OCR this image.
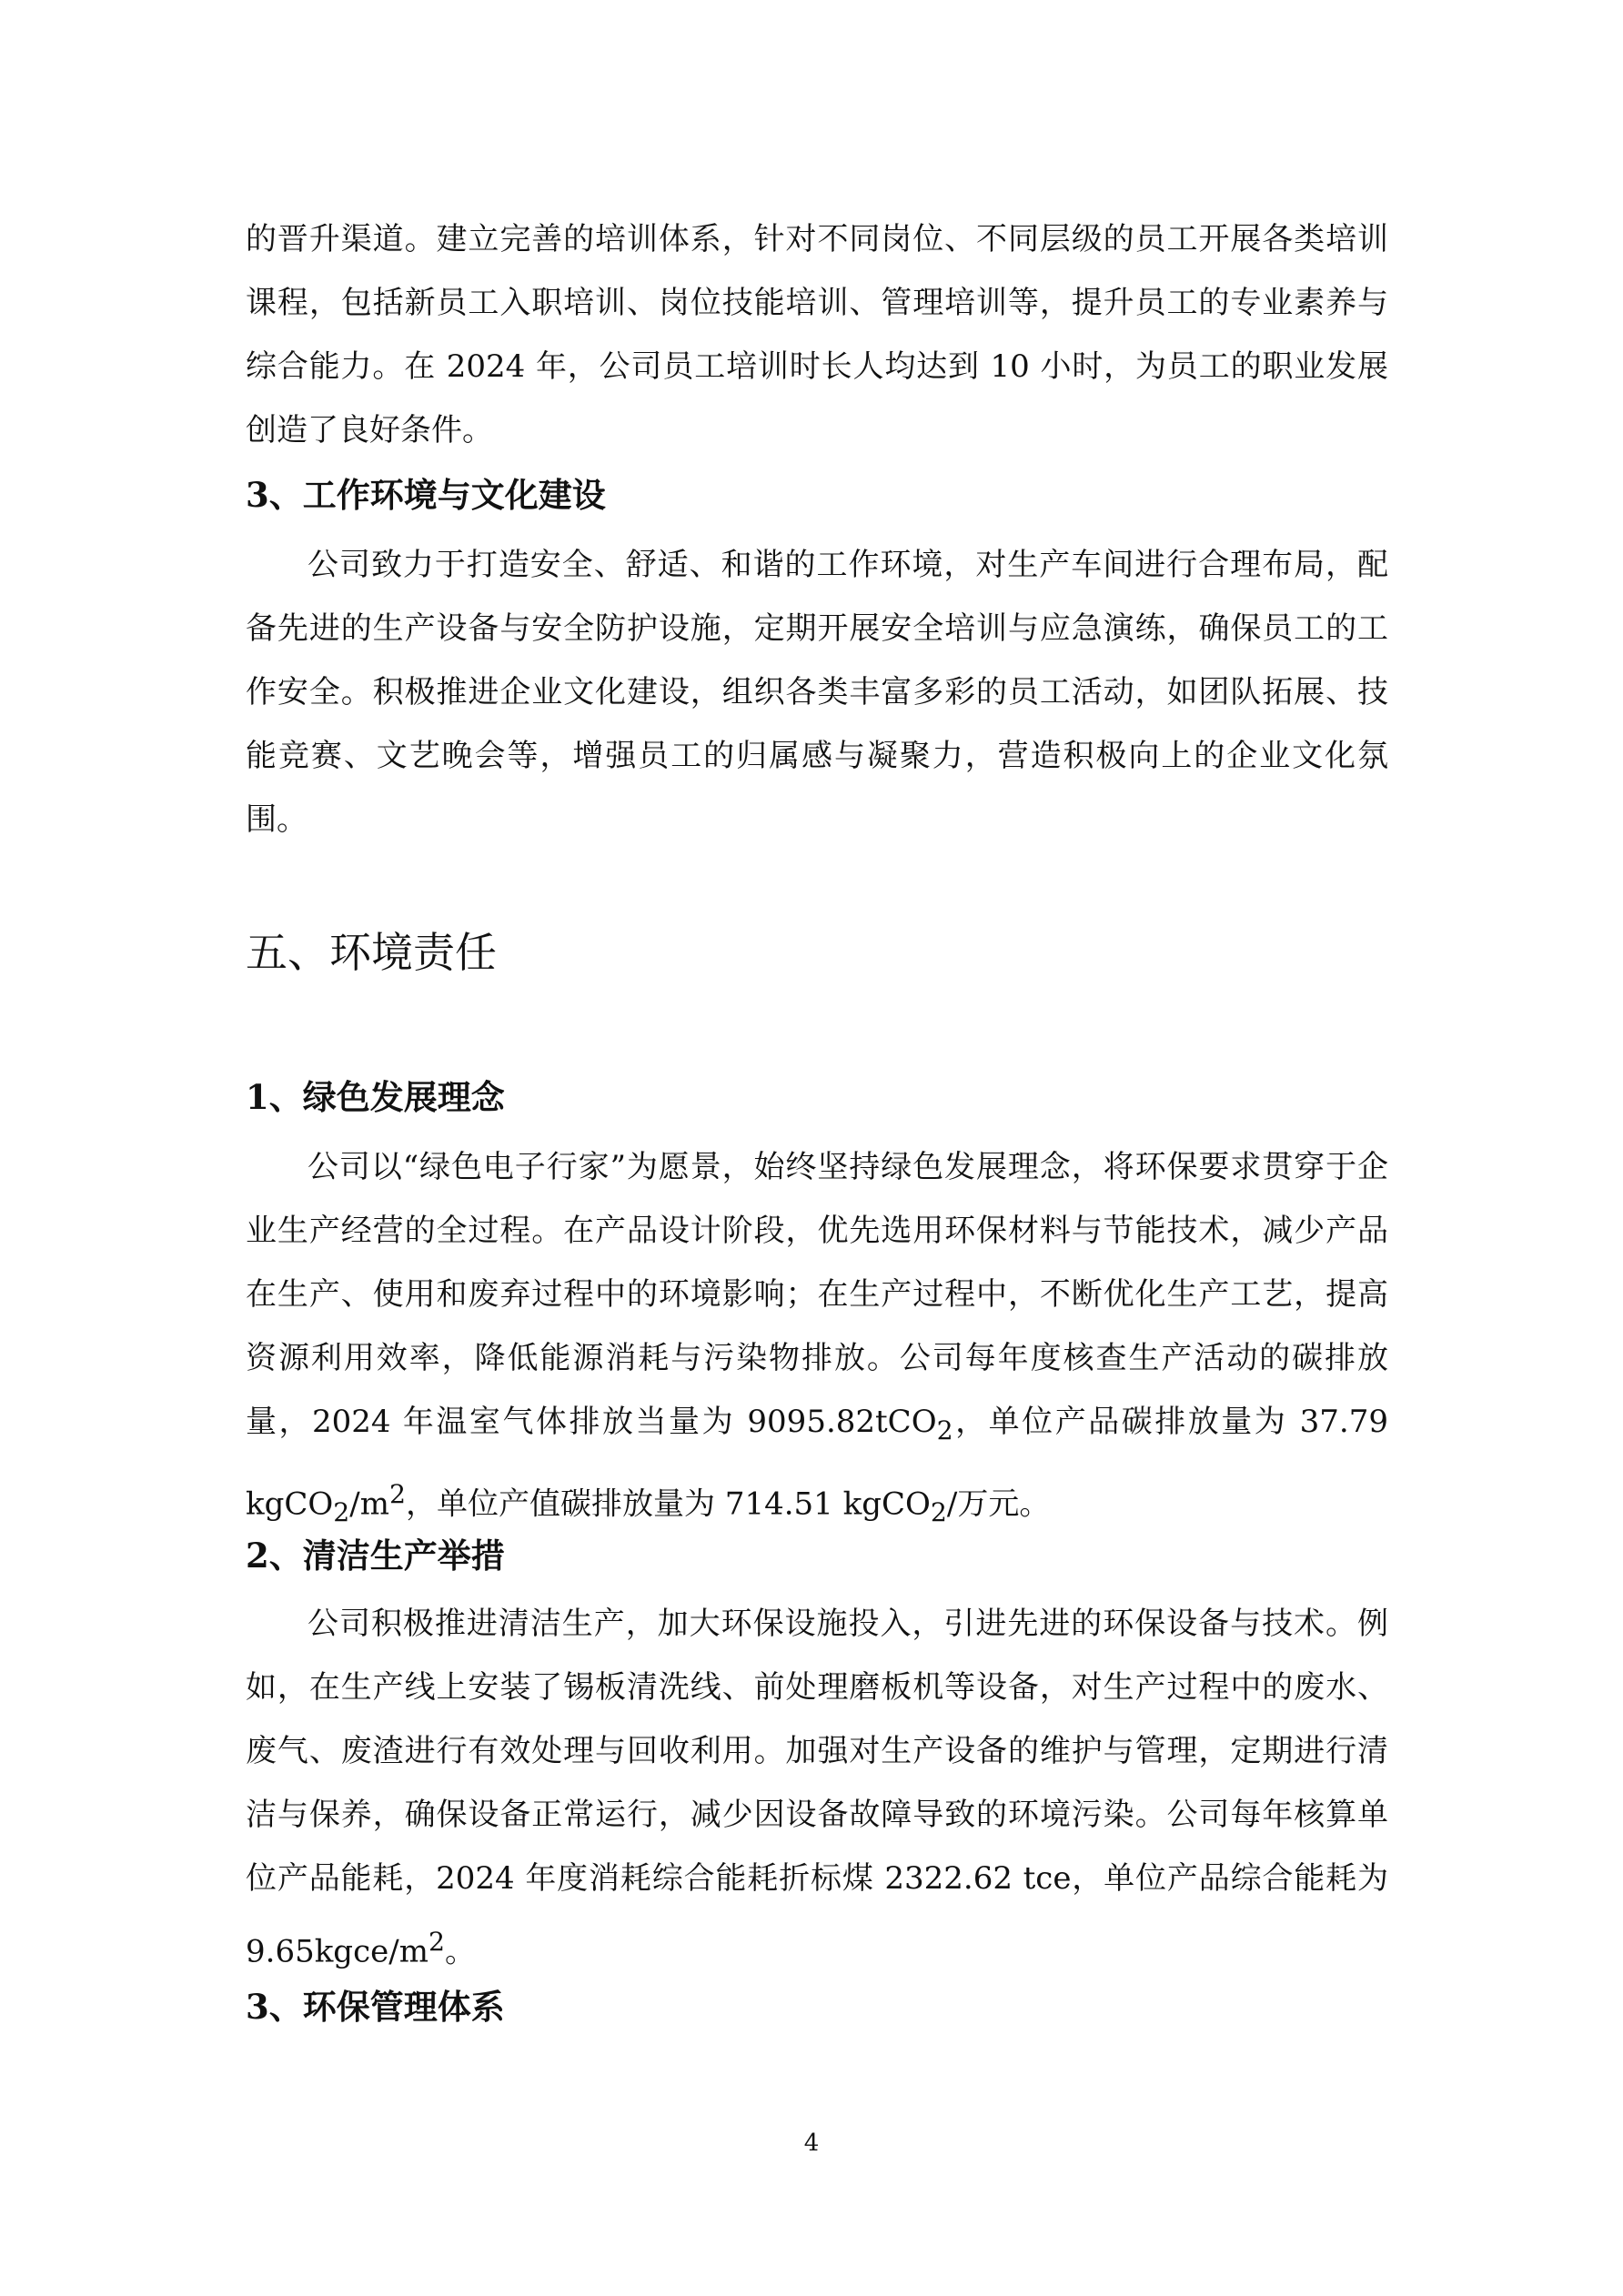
的晋升渠道。建立完善的培训体系，针对不同岗位、不同层级的员工开展各类培训课程，包括新员工入职培训、岗位技能培训、管理培训等，提升员工的专业素养与综合能力。在 2024 年，公司员工培训时长人均达到 10 小时，为员工的职业发展创造了良好条件。

3、工作环境与文化建设

公司致力于打造安全、舒适、和谐的工作环境，对生产车间进行合理布局，配备先进的生产设备与安全防护设施，定期开展安全培训与应急演练，确保员工的工作安全。积极推进企业文化建设，组织各类丰富多彩的员工活动，如团队拓展、技能竞赛、文艺晚会等，增强员工的归属感与凝聚力，营造积极向上的企业文化氛围。

五、环境责任
1、绿色发展理念

公司以“绿色电子行家”为愿景，始终坚持绿色发展理念，将环保要求贯穿于企业生产经营的全过程。在产品设计阶段，优先选用环保材料与节能技术，减少产品在生产、使用和废弃过程中的环境影响；在生产过程中，不断优化生产工艺，提高资源利用效率，降低能源消耗与污染物排放。公司每年度核查生产活动的碳排放量，2024 年温室气体排放当量为 9095.82tCO$_2$，单位产品碳排放量为 37.79 $kgCO_2/m^2$，单位产值碳排放量为 714.51 kgCO$_2$/万元。

2、清洁生产举措

公司积极推进清洁生产，加大环保设施投入，引进先进的环保设备与技术。例如，在生产线上安装了锡板清洗线、前处理磨板机等设备，对生产过程中的废水、废气、废渣进行有效处理与回收利用。加强对生产设备的维护与管理，定期进行清洁与保养，确保设备正常运行，减少因设备故障导致的环境污染。公司每年核算单位产品能耗，2024 年度消耗综合能耗折标煤 2322.62 tce，单位产品综合能耗为 $9.65kgce/m^2$。

3、环保管理体系
4
